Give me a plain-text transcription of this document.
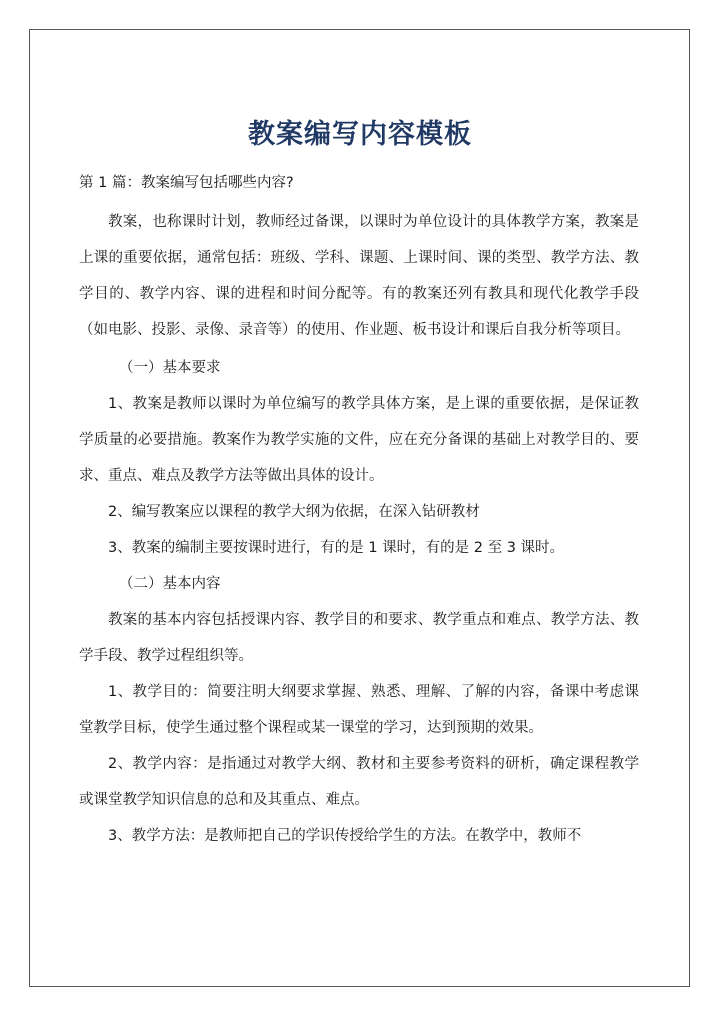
教案编写内容模板

第 1 篇：教案编写包括哪些内容?

教案，也称课时计划，教师经过备课，以课时为单位设计的具体教学方案，教案是上课的重要依据，通常包括：班级、学科、课题、上课时间、课的类型、教学方法、教学目的、教学内容、课的进程和时间分配等。有的教案还列有教具和现代化教学手段（如电影、投影、录像、录音等）的使用、作业题、板书设计和课后自我分析等项目。

（一）基本要求

1、教案是教师以课时为单位编写的教学具体方案，是上课的重要依据，是保证教学质量的必要措施。教案作为教学实施的文件，应在充分备课的基础上对教学目的、要求、重点、难点及教学方法等做出具体的设计。

2、编写教案应以课程的教学大纲为依据，在深入钻研教材

3、教案的编制主要按课时进行，有的是 1 课时，有的是 2 至 3 课时。

（二）基本内容

教案的基本内容包括授课内容、教学目的和要求、教学重点和难点、教学方法、教学手段、教学过程组织等。

1、教学目的：简要注明大纲要求掌握、熟悉、理解、了解的内容，备课中考虑课堂教学目标，使学生通过整个课程或某一课堂的学习，达到预期的效果。

2、教学内容：是指通过对教学大纲、教材和主要参考资料的研析，确定课程教学或课堂教学知识信息的总和及其重点、难点。

3、教学方法：是教师把自己的学识传授给学生的方法。在教学中，教师不
